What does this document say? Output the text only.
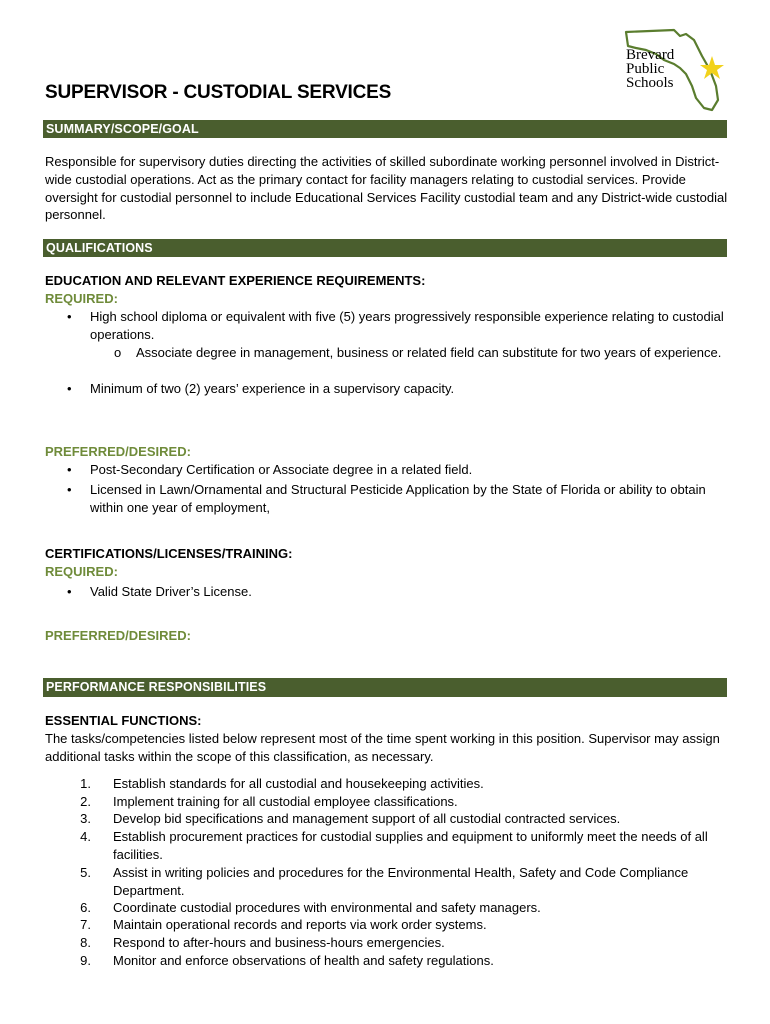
Brevard
Public
Schools
SUPERVISOR - CUSTODIAL SERVICES
SUMMARY/SCOPE/GOAL
Responsible for supervisory duties directing the activities of skilled subordinate working personnel involved in District-wide custodial operations. Act as the primary contact for facility managers relating to custodial services. Provide oversight for custodial personnel to include Educational Services Facility custodial team and any District-wide custodial personnel.
QUALIFICATIONS
EDUCATION AND RELEVANT EXPERIENCE REQUIREMENTS:
REQUIRED:
• High school diploma or equivalent with five (5) years progressively responsible experience relating to custodial operations.
o Associate degree in management, business or related field can substitute for two years of experience.
• Minimum of two (2) years’ experience in a supervisory capacity.
PREFERRED/DESIRED:
• Post-Secondary Certification or Associate degree in a related field.
• Licensed in Lawn/Ornamental and Structural Pesticide Application by the State of Florida or ability to obtain within one year of employment,
CERTIFICATIONS/LICENSES/TRAINING:
REQUIRED:
• Valid State Driver’s License.
PREFERRED/DESIRED:
PERFORMANCE RESPONSIBILITIES
ESSENTIAL FUNCTIONS:
The tasks/competencies listed below represent most of the time spent working in this position. Supervisor may assign additional tasks within the scope of this classification, as necessary.
1. Establish standards for all custodial and housekeeping activities.
2. Implement training for all custodial employee classifications.
3. Develop bid specifications and management support of all custodial contracted services.
4. Establish procurement practices for custodial supplies and equipment to uniformly meet the needs of all facilities.
5. Assist in writing policies and procedures for the Environmental Health, Safety and Code Compliance Department.
6. Coordinate custodial procedures with environmental and safety managers.
7. Maintain operational records and reports via work order systems.
8. Respond to after-hours and business-hours emergencies.
9. Monitor and enforce observations of health and safety regulations.
